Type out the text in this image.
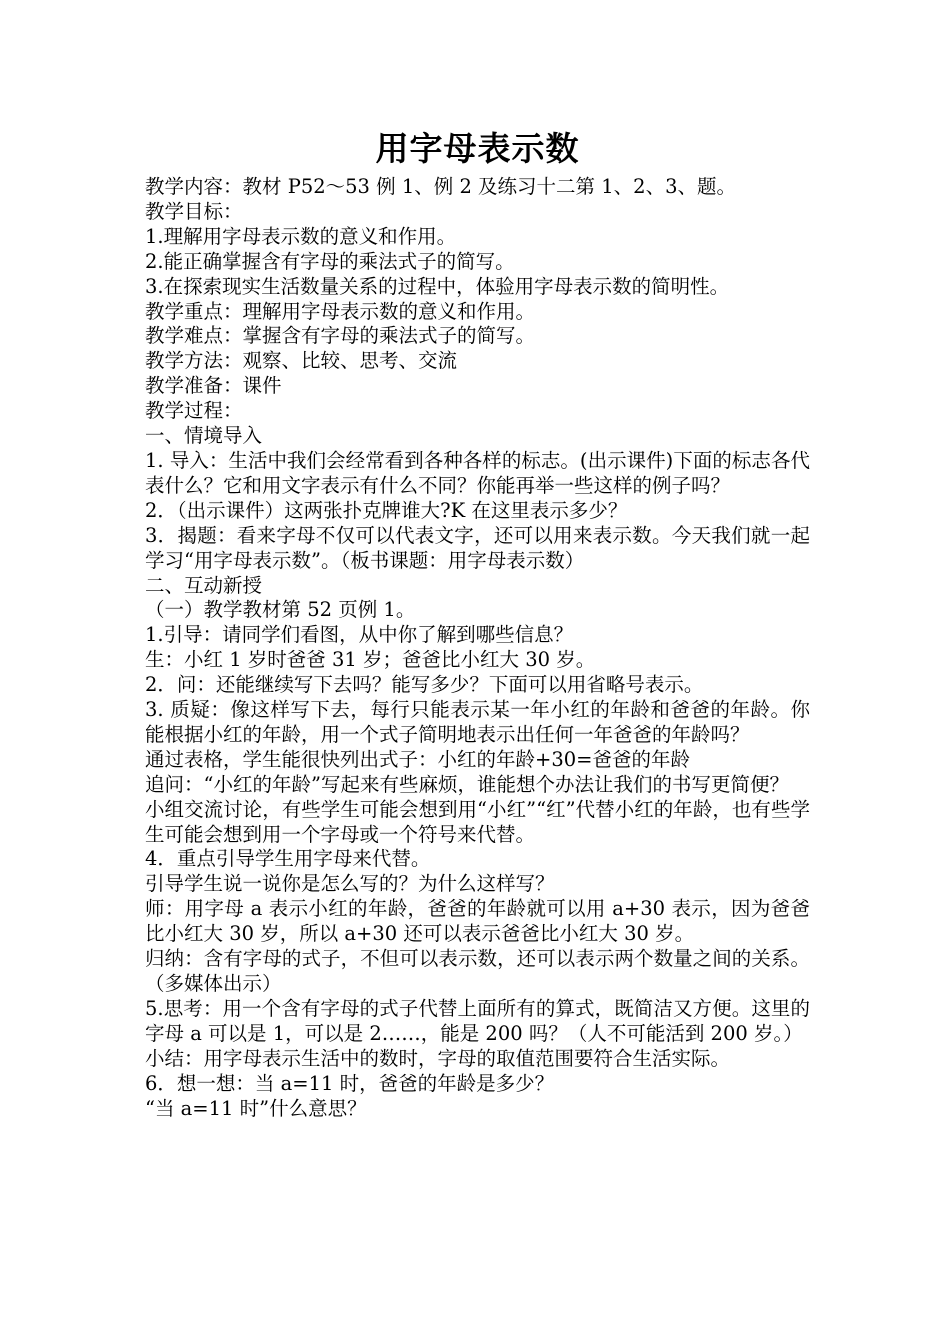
用字母表示数

教学内容：教材 P52～53 例 1、例 2 及练习十二第 1、2、3、题。

教学目标：

1.理解用字母表示数的意义和作用。

2.能正确掌握含有字母的乘法式子的简写。

3.在探索现实生活数量关系的过程中，体验用字母表示数的简明性。

教学重点：理解用字母表示数的意义和作用。

教学难点：掌握含有字母的乘法式子的简写。

教学方法：观察、比较、思考、交流

教学准备：课件

教学过程：

一、情境导入

1. 导入：生活中我们会经常看到各种各样的标志。(出示课件)下面的标志各代表什么？它和用文字表示有什么不同？你能再举一些这样的例子吗？

2．（出示课件）这两张扑克牌谁大?K 在这里表示多少？

3．揭题：看来字母不仅可以代表文字，还可以用来表示数。今天我们就一起学习“用字母表示数”。（板书课题：用字母表示数）

二、互动新授

（一）教学教材第 52 页例 1。

1.引导：请同学们看图，从中你了解到哪些信息？

生：小红 1 岁时爸爸 31 岁；爸爸比小红大 30 岁。

2．问：还能继续写下去吗？能写多少？下面可以用省略号表示。

3. 质疑：像这样写下去，每行只能表示某一年小红的年龄和爸爸的年龄。你能根据小红的年龄，用一个式子简明地表示出任何一年爸爸的年龄吗？

通过表格，学生能很快列出式子：小红的年龄+30=爸爸的年龄

追问：“小红的年龄”写起来有些麻烦，谁能想个办法让我们的书写更简便？

小组交流讨论，有些学生可能会想到用“小红”“红”代替小红的年龄，也有些学生可能会想到用一个字母或一个符号来代替。

4．重点引导学生用字母来代替。

引导学生说一说你是怎么写的？为什么这样写？

师：用字母 a 表示小红的年龄，爸爸的年龄就可以用 a+30 表示，因为爸爸比小红大 30 岁，所以 a+30 还可以表示爸爸比小红大 30 岁。

归纳：含有字母的式子，不但可以表示数，还可以表示两个数量之间的关系。（多媒体出示）

5.思考：用一个含有字母的式子代替上面所有的算式，既简洁又方便。这里的字母 a 可以是 1，可以是 2……，能是 200 吗？（人不可能活到 200 岁。）

小结：用字母表示生活中的数时，字母的取值范围要符合生活实际。

6．想一想：当 a=11 时，爸爸的年龄是多少？

“当 a=11 时”什么意思？
